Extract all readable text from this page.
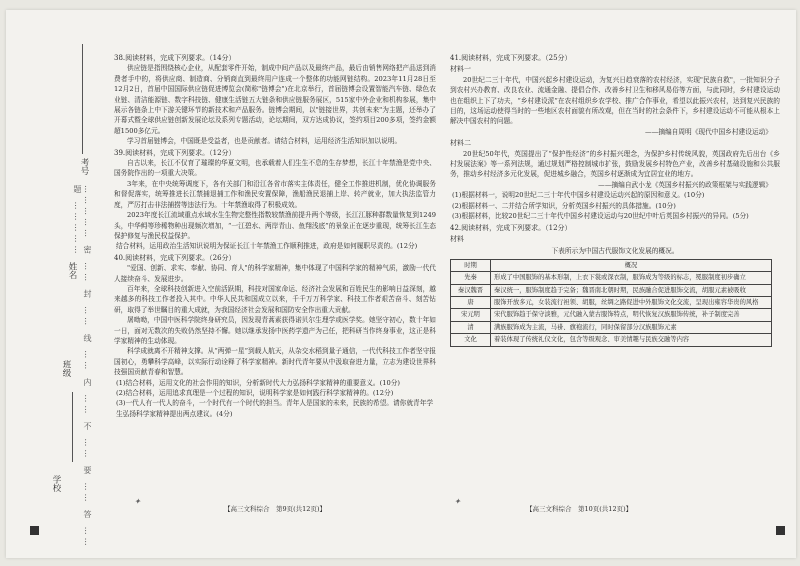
考号
姓名
班级
学校	…………… 密 …… 封 …… 线 …… 内 …… 不 …… 要 …… 答 …… 题 ……………
38.阅读材料，完成下列要求。（14分）

供应链是指围绕核心企业，从配套零件开始，制成中间产品以及最终产品，最后由销售网络把产品送到消费者手中的，将供应商、制造商、分销商直到最终用户连成一个整体的功能网链结构。2023年11月28日至12月2日，首届中国国际供应链促进博览会(简称"链博会")在北京举行，首届链博会设置智能汽车链、绿色农业链、清洁能源链、数字科技链、健康生活链五大链条和供应链服务展区，515家中外企业和机构参展，集中展示各链条上中下游关键环节的新技术和产品服务。链博会期间，以"链接世界，共创未来"为主题，还举办了开幕式暨全球供应链创新发展论坛及系列专题活动，论坛期间，双方达成协议，签约项目200多项，签约金额超1500多亿元。

学习首届链博会，中国既是受益者，也是贡献者。请结合材料，运用经济生活知识加以说明。

39.阅读材料，完成下列要求。（12分）

自古以来，长江不仅育了璀璨的华夏文明，也承载着人们生生不息的生存梦想，长江十年禁渔是党中央、国务院作出的一项重大决策。

3年来，在中央统筹调度下，各有关部门和沿江各省市落实主体责任，健全工作推进机制，优化协调服务和督促落实，统筹推进长江禁捕退捕工作和渔民安置保障，渔船渔民退捕上岸、转产就业，加大执法监管力度，严厉打击非法捕捞等违法行为。十年禁渔取得了积极成效。

2023年度长江流域重点水域水生生物完整性指数较禁渔前提升两个等级，长江江豚种群数量恢复到1249头，中华鲟等珍稀物种出现频次增加，“一江碧水、两岸青山、鱼翔浅底”的景象正在逐步重现，统筹长江生态保护修复与渔民权益保护。

结合材料，运用政治生活知识说明为保证长江十年禁渔工作顺利推进，政府是如何履职尽责的。(12分)

40.阅读材料，完成下列要求。（26分）

"爱国、创新、求实、奉献、协同、育人"的科学家精神，集中体现了中国科学家的精神气质，激励一代代人接续奋斗、发展进步。

百年来，全球科技创新进入空前活跃期，科技对国家命运、经济社会发展和百姓民生的影响日益深刻，越来越多的科技工作者投入其中。中华人民共和国成立以来，千千万万科学家、科技工作者艰苦奋斗、刻苦钻研，取得了举世瞩目的重大成就，为我国经济社会发展和国防安全作出重大贡献。

屠呦呦，中国中医科学院终身研究员，因发现青蒿素获得诺贝尔生理学或医学奖。她坚守初心，数十年如一日，面对无数次的失败仍然坚持不懈。她以继承发扬中医药学遗产为己任，把科研当作终身事业，这正是科学家精神的生动体现。

科学成就离不开精神支撑。从“两弹一星”到载人航天，从杂交水稻到量子通信，一代代科技工作者坚守报国初心，勇攀科学高峰，以实际行动诠释了科学家精神。新时代青年要从中汲取奋进力量，立志为建设世界科技强国贡献青春和智慧。

(1)结合材料，运用文化的社会作用的知识，分析新时代大力弘扬科学家精神的重要意义。(10分)

(2)结合材料，运用追求真理是一个过程的知识，说明科学家是如何践行科学家精神的。(12分)

(3)一代人有一代人的奋斗，一个时代有一个时代的担当。青年人是国家的未来，民族的希望。请你就青年学生弘扬科学家精神提出两点建议。(4分)

41.阅读材料，完成下列要求。（25分）
材料一

20世纪二三十年代，中国兴起乡村建设运动，为复兴日趋衰落的农村经济，实现"民族自救"，一批知识分子到农村兴办教育、改良农业、流通金融、提倡合作、改善乡村卫生和移风易俗等方面，与此同时，乡村建设运动也在组织上下了功夫，“乡村建设派”在农村组织乡农学校、推广合作事业，希望以此振兴农村，达到复兴民族的目的，这场运动使得当时的一些地区农村面貌有所改观，但在当时的社会条件下，乡村建设运动不可能从根本上解决中国农村的问题。

——摘编自周明《现代中国乡村建设运动》

材料二

20世纪50年代，英国提出了“保护性经济”的乡村振兴理念，为保护乡村传统风貌，英国政府先后出台《乡村发展法案》等一系列法规，通过规划严格控制城市扩张，鼓励发展乡村特色产业，改善乡村基础设施和公共服务，推动乡村经济多元化发展，促进城乡融合，英国乡村逐渐成为宜居宜业的地方。

——摘编自武小龙《英国乡村振兴的政策框架与实践逻辑》

(1)根据材料一，说明20世纪二三十年代中国乡村建设运动兴起的原因和意义。(10分)

(2)根据材料一、二并结合所学知识，分析英国乡村振兴的具体措施。(10分)

(3)根据材料，比较20世纪二三十年代中国乡村建设运动与20世纪中叶后英国乡村振兴的异同。(5分)

42.阅读材料，完成下列要求。（12分）
材料
下表所示为中国古代服饰文化发展的概况。
时期	概况
先秦	形成了中国服饰的基本形制，上衣下裳或深衣制，服饰成为等级的标志，冕服制度初步确立
秦汉魏晋	秦汉统一，服饰制度趋于完备；魏晋南北朝时期，民族融合促进服饰交流，胡服元素被吸收
唐	服饰开放多元，女装流行袒领、胡服，丝绸之路促进中外服饰文化交流，呈现出雍容华贵的风格
宋元明	宋代服饰趋于保守淡雅，元代融入蒙古服饰特点，明代恢复汉族服饰传统，补子制度完善
清	满族服饰成为主流，马褂、旗袍流行，同时保留部分汉族服饰元素
文化	着装体现了传统礼仪文化，包含等级观念、审美情趣与民族交融等内容
✦	✦
【高三文科综合　第9页(共12页)】	【高三文科综合　第10页(共12页)】
